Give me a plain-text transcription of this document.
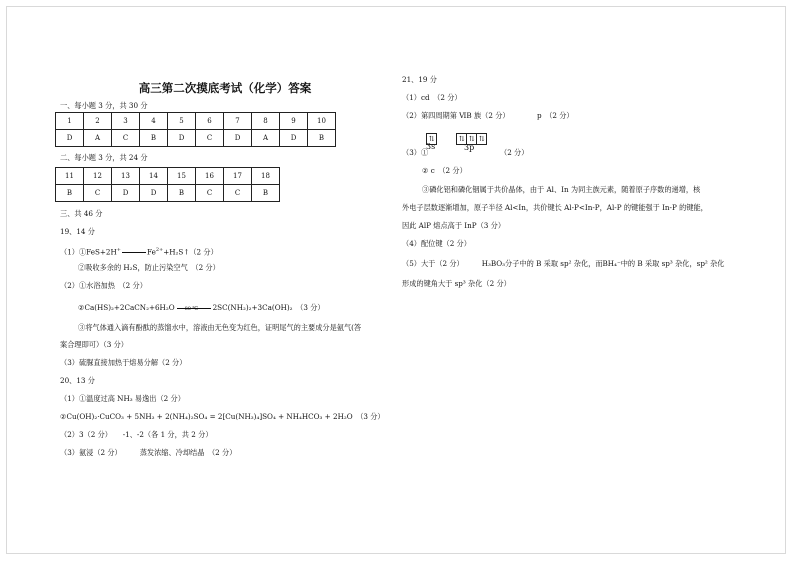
高三第二次摸底考试（化学）答案
一、每小题 3 分，共 30 分
1	2	3	4	5	6	7	8	9	10
D	A	C	B	D	C	D	A	D	B
二、每小题 3 分，共 24 分
11	12	13	14	15	16	17	18
B	C	D	D	B	C	C	B
三、共 46 分
19、14 分
（1）①FeS+2H+	$Fe^{2+}+H_2S↑(2$ 分）
②吸收多余的 H₂S，防止污染空气　（2 分）
（2）①水浴加热　（2 分）
②Ca(HS)₂+2CaCN₂+6H₂O 80 ℃ 2SC(NH₂)₂+3Ca(OH)₂　（3 分）
③将气体通入滴有酚酞的蒸馏水中，溶液由无色变为红色，证明尾气的主要成分是氨气(答
案合理即可）（3 分）
（3）硫脲直接加热于熔易分解（2 分）
20、13 分
（1）①温度过高 NH₃ 易逸出（2 分）
②Cu(OH)₂·CuCO₃ + 5NH₃ + 2(NH₄)₂SO₄ = 2[Cu(NH₃)₄]SO₄ + NH₄HCO₃ + 2H₂O　（3 分）
（2）3（2 分）　　-1、-2（各 1 分，共 2 分）
（3）氨浸（2 分）　　　蒸发浓缩、冷却结晶　（2 分）
21、19 分
（1）cd　（2 分）
（2）第四周期第 ⅥB 族（2 分）	p　（2 分）
⇅	⇅ ⇅ ⇅
（3）①
3s	3p
（2 分）
② c　（2 分）
③磷化铝和磷化铟属于共价晶体，由于 Al、In 为同主族元素，随着原子序数的递增，核
外电子层数逐渐增加，原子半径 Al<In，共价键长 Al-P<In-P，Al-P 的键能强于 In-P 的键能，
因此 AlP 熔点高于 InP（3 分）
（4）配位键（2 分）
（5）大于（2 分）　　　H₃BO₃分子中的 B 采取 sp² 杂化，而BH₄⁻中的 B 采取 sp³ 杂化，sp² 杂化
形成的键角大于 sp³ 杂化（2 分）
